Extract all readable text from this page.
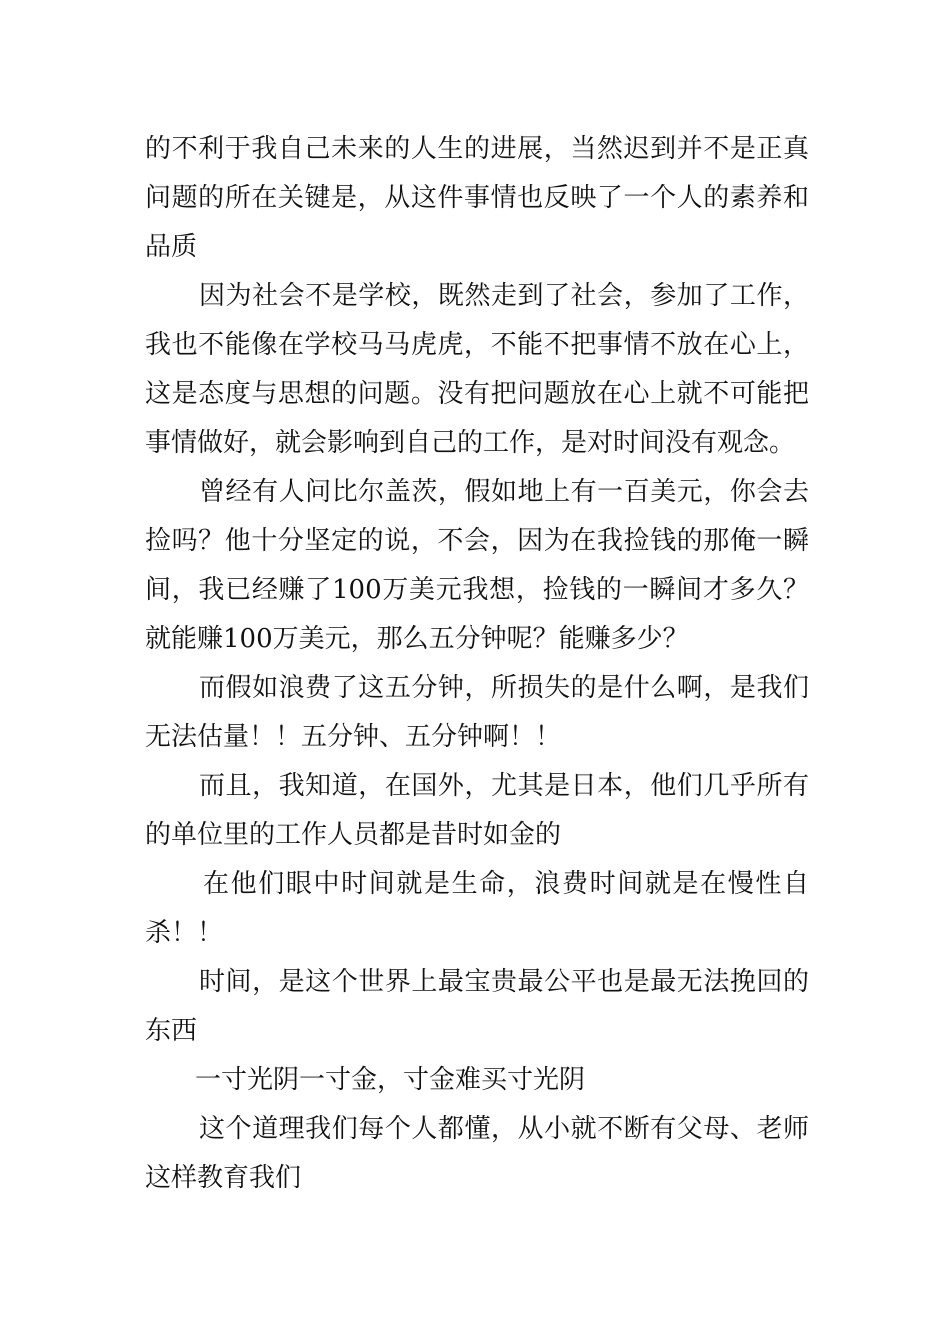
的不利于我自己未来的人生的进展，当然迟到并不是正真问题的所在关键是，从这件事情也反映了一个人的素养和品质

因为社会不是学校，既然走到了社会，参加了工作，我也不能像在学校马马虎虎，不能不把事情不放在心上，这是态度与思想的问题。没有把问题放在心上就不可能把事情做好，就会影响到自己的工作，是对时间没有观念。

曾经有人问比尔盖茨，假如地上有一百美元，你会去捡吗？他十分坚定的说，不会，因为在我捡钱的那俺一瞬间，我已经赚了100万美元我想，捡钱的一瞬间才多久？就能赚100万美元，那么五分钟呢？能赚多少？

而假如浪费了这五分钟，所损失的是什么啊，是我们无法估量！！五分钟、五分钟啊！！

而且，我知道，在国外，尤其是日本，他们几乎所有的单位里的工作人员都是昔时如金的

在他们眼中时间就是生命，浪费时间就是在慢性自杀！！

时间，是这个世界上最宝贵最公平也是最无法挽回的东西

一寸光阴一寸金，寸金难买寸光阴

这个道理我们每个人都懂，从小就不断有父母、老师这样教育我们
